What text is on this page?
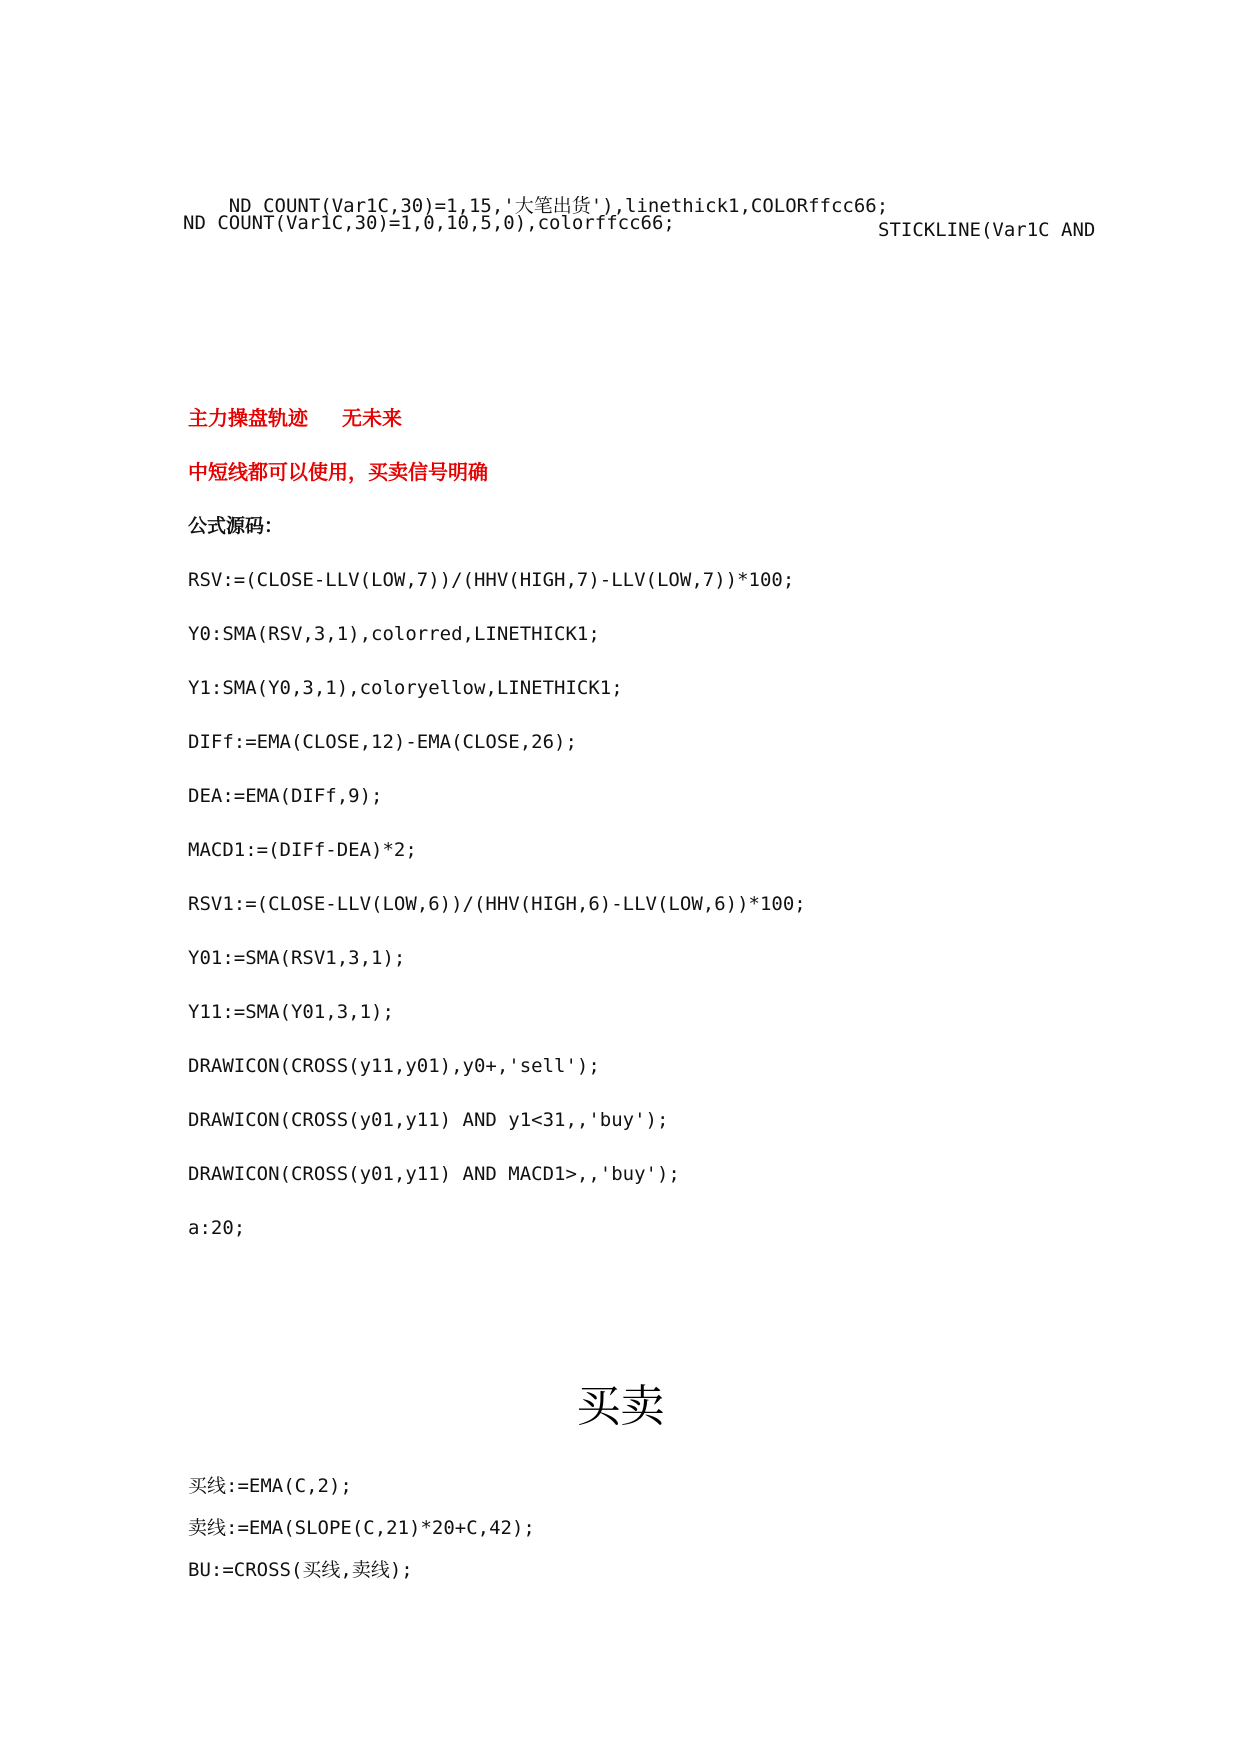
ND COUNT(Var1C,30)=1,15,'大笔出货'),linethick1,COLORffcc66;

STICKLINE(Var1C AND

ND COUNT(Var1C,30)=1,0,10,5,0),colorffcc66;
主力操盘轨迹 无未来
中短线都可以使用，买卖信号明确
公式源码：
RSV:=(CLOSE-LLV(LOW,7))/(HHV(HIGH,7)-LLV(LOW,7))*100;
Y0:SMA(RSV,3,1),colorred,LINETHICK1;
Y1:SMA(Y0,3,1),coloryellow,LINETHICK1;
DIFf:=EMA(CLOSE,12)-EMA(CLOSE,26);
DEA:=EMA(DIFf,9);
MACD1:=(DIFf-DEA)*2;
RSV1:=(CLOSE-LLV(LOW,6))/(HHV(HIGH,6)-LLV(LOW,6))*100;
Y01:=SMA(RSV1,3,1);
Y11:=SMA(Y01,3,1);
DRAWICON(CROSS(y11,y01),y0+,'sell');
DRAWICON(CROSS(y01,y11) AND y1<31,,'buy');
DRAWICON(CROSS(y01,y11) AND MACD1>,,'buy');
a:20;
买卖
买线:=EMA(C,2);
卖线:=EMA(SLOPE(C,21)*20+C,42);
BU:=CROSS(买线,卖线);
